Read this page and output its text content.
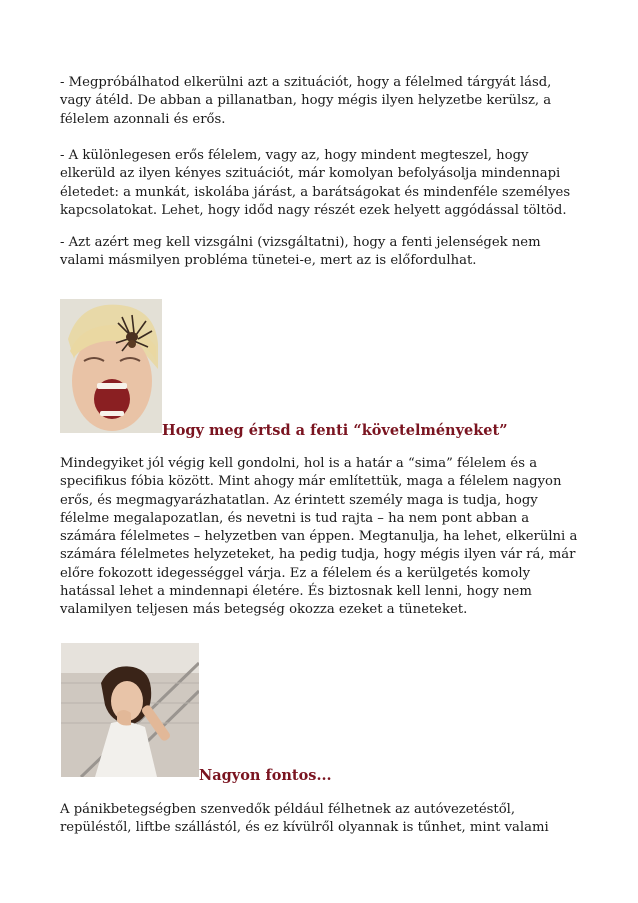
- Megpróbálhatod elkerülni azt a szituációt, hogy a félelmed tárgyát lásd, vagy átéld. De abban a pillanatban, hogy mégis ilyen helyzetbe kerülsz, a félelem azonnali és erős.

- A különlegesen erős félelem, vagy az, hogy mindent megteszel, hogy elkerüld az ilyen kényes szituációt, már komolyan befolyásolja mindennapi életedet: a munkát, iskolába járást, a barátságokat és mindenféle személyes kapcsolatokat. Lehet, hogy időd nagy részét ezek helyett aggódással töltöd.

- Azt azért meg kell vizsgálni (vizsgáltatni), hogy a fenti jelenségek nem valami másmilyen probléma tünetei-e, mert az is előfordulhat.

Hogy meg értsd a fenti “követelményeket”

Mindegyiket jól végig kell gondolni, hol is a határ a “sima” félelem és a specifikus fóbia között. Mint ahogy már említettük, maga a félelem nagyon erős, és megmagyarázhatatlan. Az érintett személy maga is tudja, hogy félelme megalapozatlan, és nevetni is tud rajta – ha nem pont abban a számára félelmetes – helyzetben van éppen. Megtanulja, ha lehet, elkerülni a számára félelmetes helyzeteket, ha pedig tudja, hogy mégis ilyen vár rá, már előre fokozott idegességgel várja. Ez a félelem és a kerülgetés komoly hatással lehet a mindennapi életére. És biztosnak kell lenni, hogy nem valamilyen teljesen más betegség okozza ezeket a tüneteket.

Nagyon fontos...

A pánikbetegségben szenvedők például félhetnek az autóvezetéstől, repüléstől, liftbe szállástól, és ez kívülről olyannak is tűnhet, mint valami
